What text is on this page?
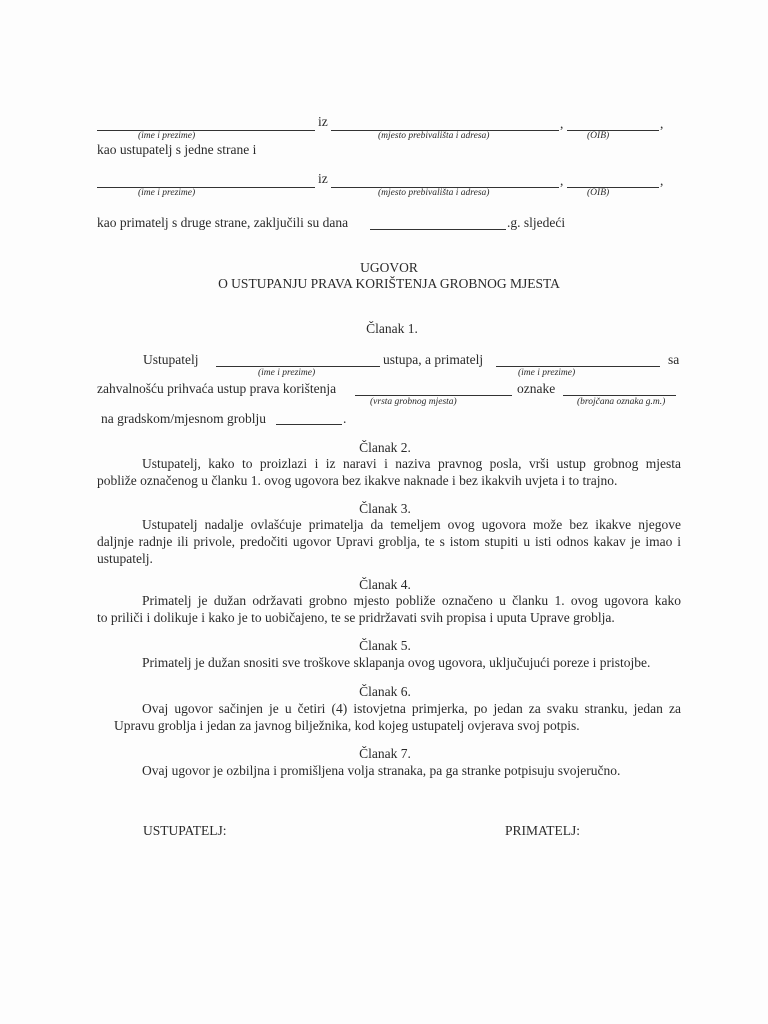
iz	,	,
(ime i prezime)	(mjesto prebivališta i adresa)	(OIB)
kao ustupatelj s jedne strane i
iz	,	,
(ime i prezime)	(mjesto prebivališta i adresa)	(OIB)
kao primatelj s druge strane, zaključili su dana	.g. sljedeći
UGOVOR
O USTUPANJU PRAVA KORIŠTENJA GROBNOG MJESTA
Članak 1.
Ustupatelj	ustupa, a primatelj	sa
(ime i prezime)	(ime i prezime)
zahvalnošću prihvaća ustup prava korištenja	oznake
(vrsta grobnog mjesta)	(brojčana oznaka g.m.)
na gradskom/mjesnom groblju	.
Članak 2.
Ustupatelj, kako to proizlazi i iz naravi i naziva pravnog posla, vrši ustup grobnog mjesta
pobliže označenog u članku 1. ovog ugovora bez ikakve naknade i bez ikakvih uvjeta i to trajno.
Članak 3.
Ustupatelj nadalje ovlašćuje primatelja da temeljem ovog ugovora može bez ikakve njegove
daljnje radnje ili privole, predočiti ugovor Upravi groblja, te s istom stupiti u isti odnos kakav je imao i ustupatelj.
Članak 4.
Primatelj je dužan održavati grobno mjesto pobliže označeno u članku 1. ovog ugovora kako
to priliči i dolikuje i kako je to uobičajeno, te se pridržavati svih propisa i uputa Uprave groblja.
Članak 5.
Primatelj je dužan snositi sve troškove sklapanja ovog ugovora, uključujući poreze i pristojbe.
Članak 6.
Ovaj ugovor sačinjen je u četiri (4) istovjetna primjerka, po jedan za svaku stranku, jedan za
Upravu groblja i jedan za javnog bilježnika, kod kojeg ustupatelj ovjerava svoj potpis.
Članak 7.
Ovaj ugovor je ozbiljna i promišljena volja stranaka, pa ga stranke potpisuju svojeručno.
USTUPATELJ:	PRIMATELJ:
